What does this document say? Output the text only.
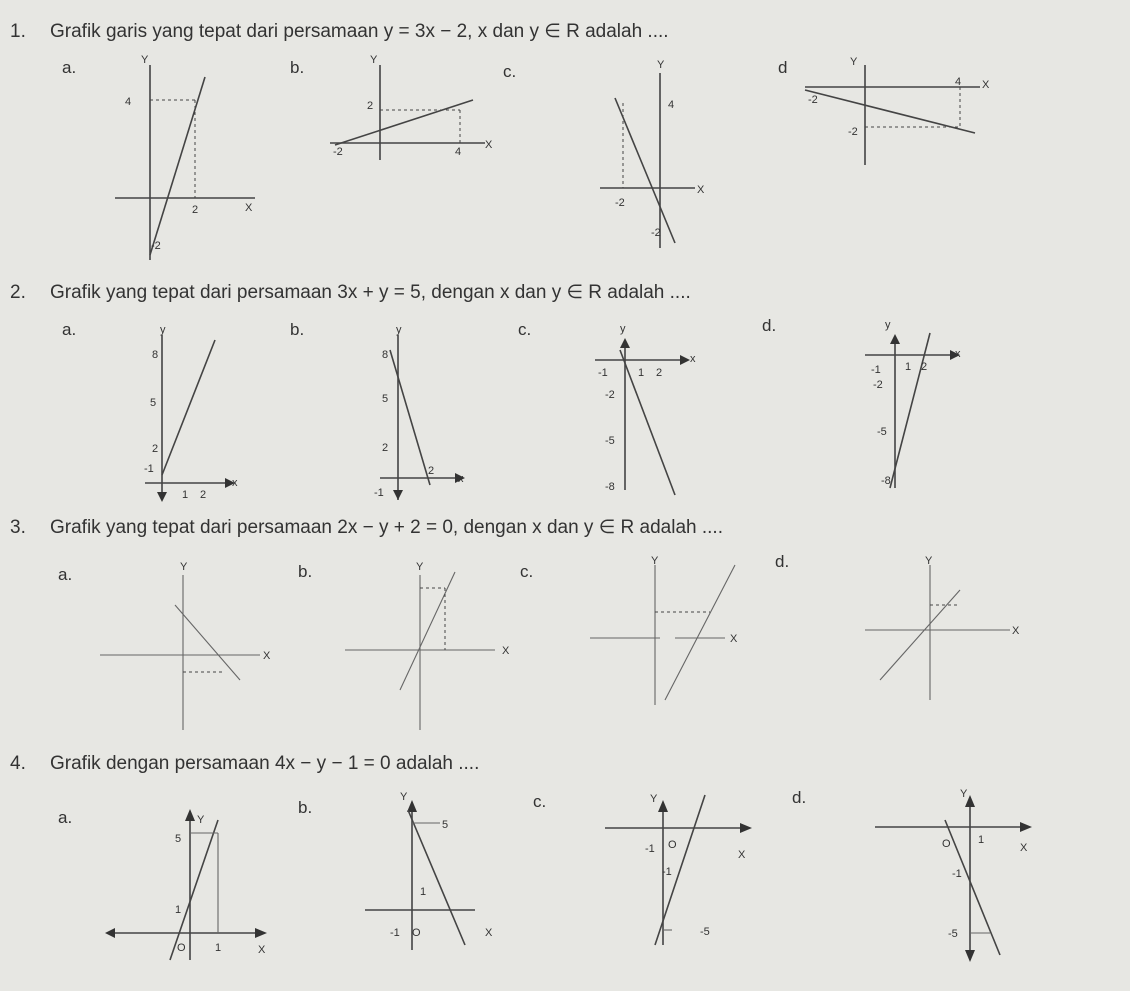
1. Grafik garis yang tepat dari persamaan y = 3x − 2, x dan y ∈ R adalah ....
a.	Y
4
2	X
-2
b.	Y
2
-2	4
X
c.	Y
4
X
-2
-2
d	Y
X
-2
4
-2
2. Grafik yang tepat dari persamaan 3x + y = 5, dengan x dan y ∈ R adalah ....
a.	y
8
5
2
-1
1 2
x
b.	y
8
5
2
-1
2
x
c.	y
-1	1 2
x
-2
-5
-8
d.	y
x
-1 1 2
-2
-5
-8
3. Grafik yang tepat dari persamaan 2x − y + 2 = 0, dengan x dan y ∈ R adalah ....
a.	Y
X
b.	Y
X
c.
X
Y	d.
X
Y
4. Grafik dengan persamaan 4x − y − 1 = 0 adalah ....
a.	Y
5
1
O	1	X
b.
Y
5
1
-1 O	X
c.	Y
-1 O
X
-1
-5
d.	Y
O 1
X
-1
-5
